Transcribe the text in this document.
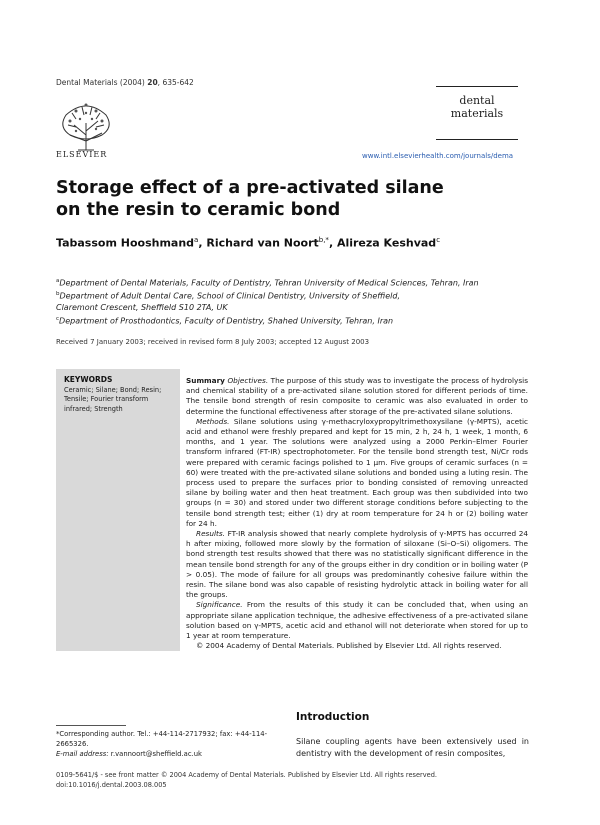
Dental Materials (2004) 20, 635-642
ELSEVIER
dental
materials
www.intl.elsevierhealth.com/journals/dema
Storage effect of a pre-activated silane
on the resin to ceramic bond
Tabassom Hooshmand$^a$, Richard van Noort$^{b,*}$, Alireza Keshvad$^c$
$^a$Department of Dental Materials, Faculty of Dentistry, Tehran University of Medical Sciences, Tehran, Iran
$^b$Department of Adult Dental Care, School of Clinical Dentistry, University of Sheffield,
Claremont Crescent, Sheffield S10 2TA, UK
$^c$Department of Prosthodontics, Faculty of Dentistry, Shahed University, Tehran, Iran
Received 7 January 2003; received in revised form 8 July 2003; accepted 12 August 2003
KEYWORDS
Ceramic; Silane; Bond; Resin; Tensile; Fourier transform infrared; Strength

Summary Objectives. The purpose of this study was to investigate the process of hydrolysis and chemical stability of a pre-activated silane solution stored for different periods of time. The tensile bond strength of resin composite to ceramic was also evaluated in order to determine the functional effectiveness after storage of the pre-activated silane solutions.

Methods. Silane solutions using γ-methacryloxypropyltrimethoxysilane (γ-MPTS), acetic acid and ethanol were freshly prepared and kept for 15 min, 2 h, 24 h, 1 week, 1 month, 6 months, and 1 year. The solutions were analyzed using a 2000 Perkin–Elmer Fourier transform infrared (FT-IR) spectrophotometer. For the tensile bond strength test, Ni/Cr rods were prepared with ceramic facings polished to 1 μm. Five groups of ceramic surfaces (n = 60) were treated with the pre-activated silane solutions and bonded using a luting resin. The process used to prepare the surfaces prior to bonding consisted of removing unreacted silane by boiling water and then heat treatment. Each group was then subdivided into two groups (n = 30) and stored under two different storage conditions before subjecting to the tensile bond strength test; either (1) dry at room temperature for 24 h or (2) boiling water for 24 h.

Results. FT-IR analysis showed that nearly complete hydrolysis of γ-MPTS has occurred 24 h after mixing, followed more slowly by the formation of siloxane (Si–O–Si) oligomers. The bond strength test results showed that there was no statistically significant difference in the mean tensile bond strength for any of the groups either in dry condition or in boiling water (P > 0.05). The mode of failure for all groups was predominantly cohesive failure within the resin. The silane bond was also capable of resisting hydrolytic attack in boiling water for all the groups.

Significance. From the results of this study it can be concluded that, when using an appropriate silane application technique, the adhesive effectiveness of a pre-activated silane solution based on γ-MPTS, acetic acid and ethanol will not deteriorate when stored for up to 1 year at room temperature.

© 2004 Academy of Dental Materials. Published by Elsevier Ltd. All rights reserved.

*Corresponding author. Tel.: +44-114-2717932; fax: +44-114-2665326.
E-mail address: r.vannoort@sheffield.ac.uk
Introduction
Silane coupling agents have been extensively used in dentistry with the development of resin composites,
0109-5641/$ - see front matter © 2004 Academy of Dental Materials. Published by Elsevier Ltd. All rights reserved.
doi:10.1016/j.dental.2003.08.005
